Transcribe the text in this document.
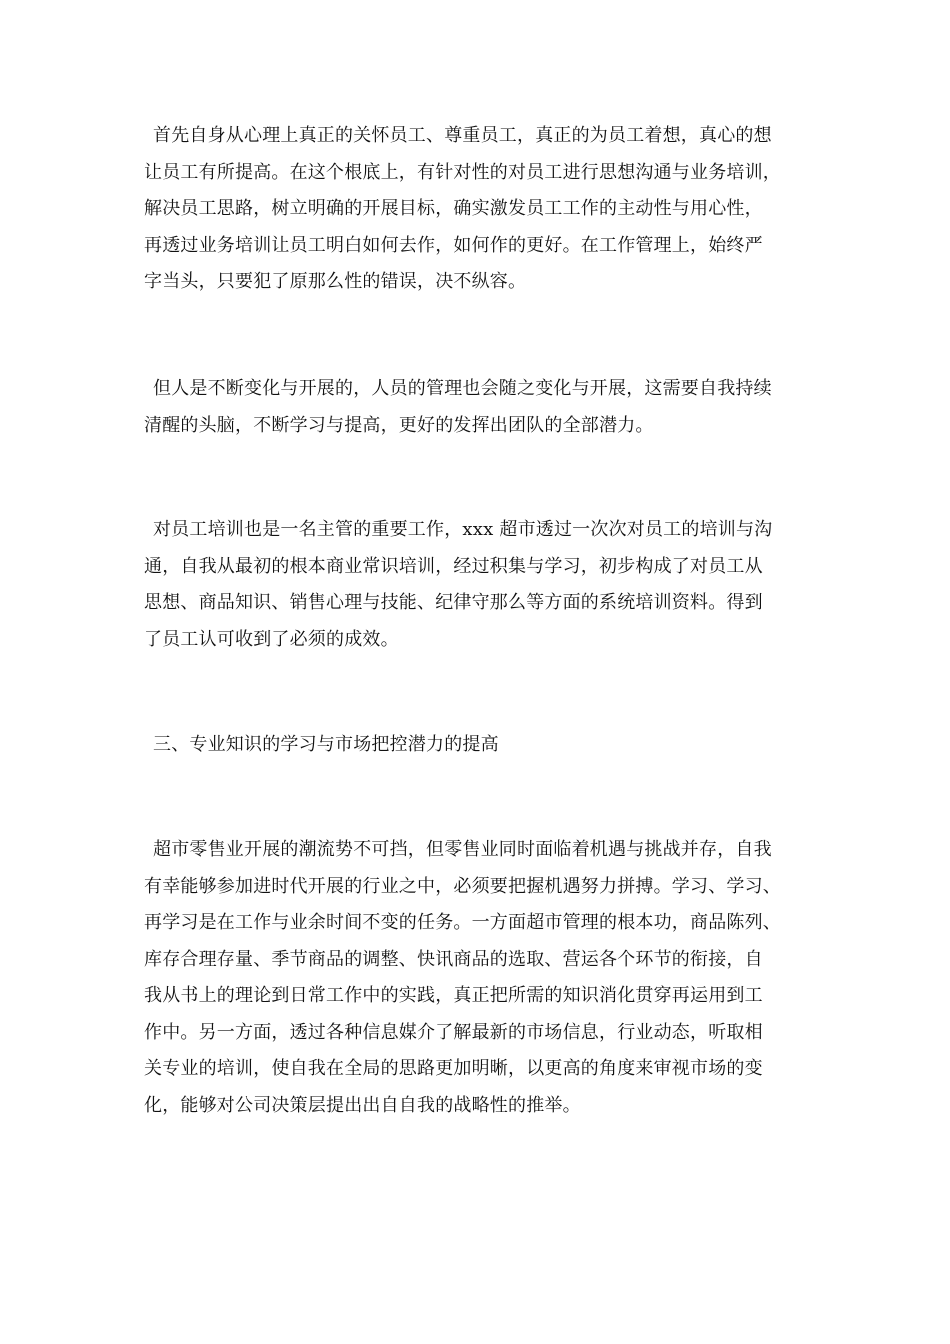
首先自身从心理上真正的关怀员工、尊重员工，真正的为员工着想，真心的想
让员工有所提高。在这个根底上，有针对性的对员工进行思想沟通与业务培训，
解决员工思路，树立明确的开展目标，确实激发员工工作的主动性与用心性，
再透过业务培训让员工明白如何去作，如何作的更好。在工作管理上，始终严
字当头，只要犯了原那么性的错误，决不纵容。

但人是不断变化与开展的，人员的管理也会随之变化与开展，这需要自我持续
清醒的头脑，不断学习与提高，更好的发挥出团队的全部潜力。

对员工培训也是一名主管的重要工作，xxx 超市透过一次次对员工的培训与沟
通，自我从最初的根本商业常识培训，经过积集与学习，初步构成了对员工从
思想、商品知识、销售心理与技能、纪律守那么等方面的系统培训资料。得到
了员工认可收到了必须的成效。

三、专业知识的学习与市场把控潜力的提高

超市零售业开展的潮流势不可挡，但零售业同时面临着机遇与挑战并存，自我
有幸能够参加进时代开展的行业之中，必须要把握机遇努力拼搏。学习、学习、
再学习是在工作与业余时间不变的任务。一方面超市管理的根本功，商品陈列、
库存合理存量、季节商品的调整、快讯商品的选取、营运各个环节的衔接，自
我从书上的理论到日常工作中的实践，真正把所需的知识消化贯穿再运用到工
作中。另一方面，透过各种信息媒介了解最新的市场信息，行业动态，听取相
关专业的培训，使自我在全局的思路更加明晰，以更高的角度来审视市场的变
化，能够对公司决策层提出出自自我的战略性的推举。
